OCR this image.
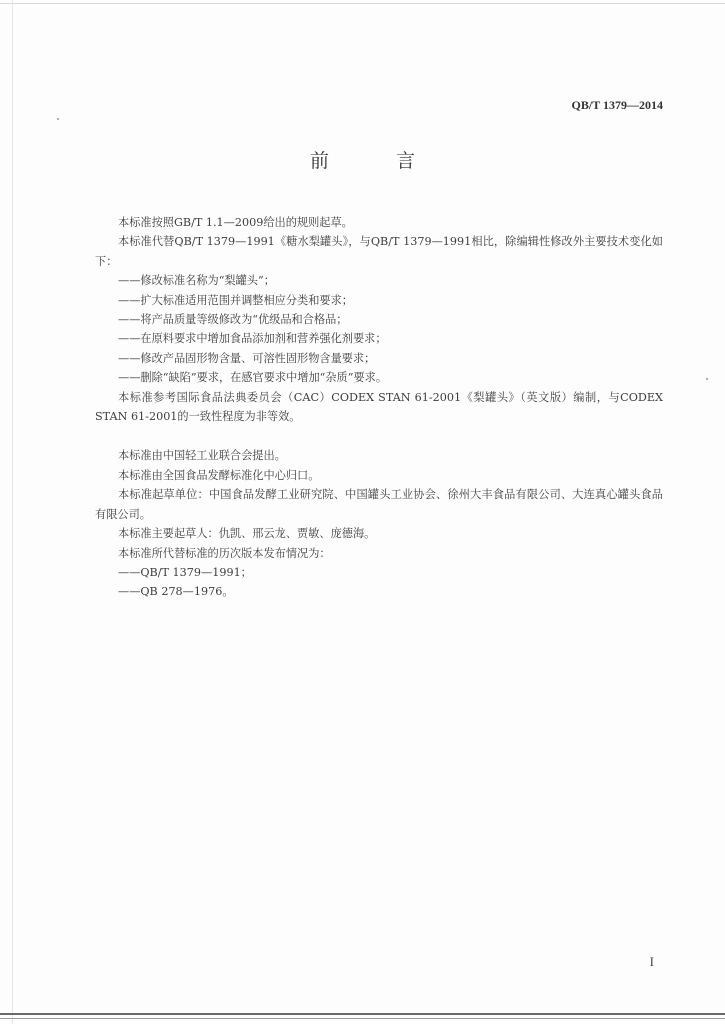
QB/T 1379—2014
前　言

本标准按照GB/T 1.1—2009给出的规则起草。

本标准代替QB/T 1379—1991《糖水梨罐头》，与QB/T 1379—1991相比，除编辑性修改外主要技术变化如下：

——修改标准名称为“梨罐头”；

——扩大标准适用范围并调整相应分类和要求；

——将产品质量等级修改为“优级品和合格品；

——在原料要求中增加食品添加剂和营养强化剂要求；

——修改产品固形物含量、可溶性固形物含量要求；

——删除“缺陷”要求，在感官要求中增加“杂质”要求。

本标准参考国际食品法典委员会（CAC）CODEX STAN 61-2001《梨罐头》（英文版）编制，与CODEX STAN 61-2001的一致性程度为非等效。

本标准由中国轻工业联合会提出。

本标准由全国食品发酵标准化中心归口。

本标准起草单位：中国食品发酵工业研究院、中国罐头工业协会、徐州大丰食品有限公司、大连真心罐头食品有限公司。

本标准主要起草人：仇凯、邢云龙、贾敏、庞德海。

本标准所代替标准的历次版本发布情况为：

——QB/T 1379—1991；

——QB 278—1976。

I
